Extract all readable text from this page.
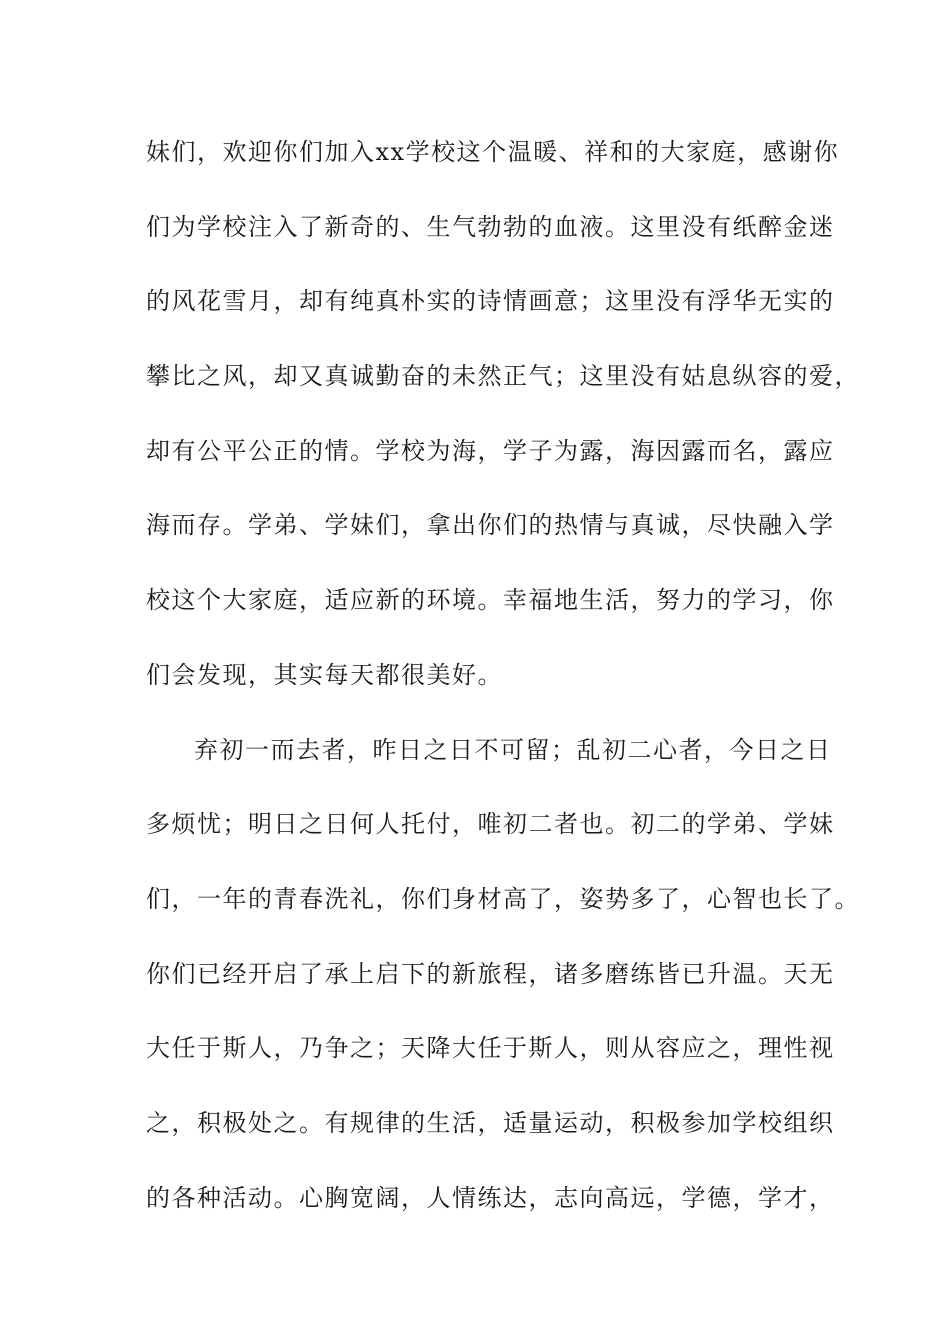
妹们，欢迎你们加入xx学校这个温暖、祥和的大家庭，感谢你
们为学校注入了新奇的、生气勃勃的血液。这里没有纸醉金迷
的风花雪月，却有纯真朴实的诗情画意；这里没有浮华无实的
攀比之风，却又真诚勤奋的未然正气；这里没有姑息纵容的爱，
却有公平公正的情。学校为海，学子为露，海因露而名，露应
海而存。学弟、学妹们，拿出你们的热情与真诚，尽快融入学
校这个大家庭，适应新的环境。幸福地生活，努力的学习，你
们会发现，其实每天都很美好。
弃初一而去者，昨日之日不可留；乱初二心者，今日之日
多烦忧；明日之日何人托付，唯初二者也。初二的学弟、学妹
们，一年的青春洗礼，你们身材高了，姿势多了，心智也长了。
你们已经开启了承上启下的新旅程，诸多磨练皆已升温。天无
大任于斯人，乃争之；天降大任于斯人，则从容应之，理性视
之，积极处之。有规律的生活，适量运动，积极参加学校组织
的各种活动。心胸宽阔，人情练达，志向高远，学德，学才，
